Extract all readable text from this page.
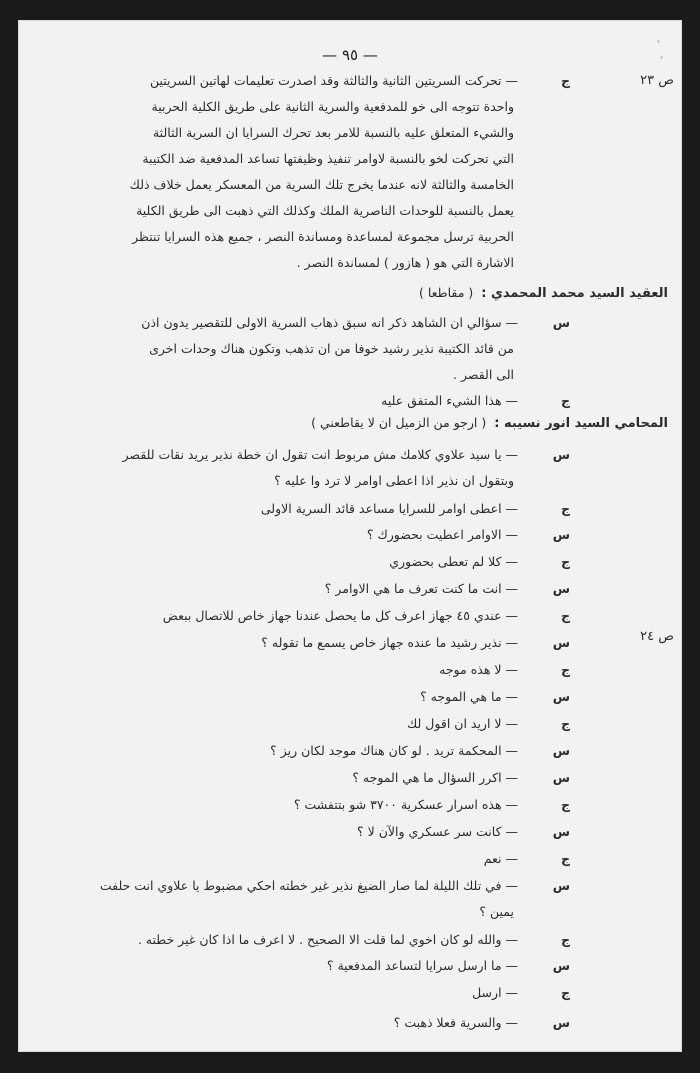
— ٩٥ —
ص ٢٣
ص ٢٤
ج — تحركت السريتين الثانية والثالثة وقد اصدرت تعليمات لهاتين السريتين
واحدة تتوجه الى خو للمدفعية والسرية الثانية على طريق الكلية الحربية
والشيء المتعلق عليه بالنسبة للامر بعد تحرك السرايا ان السرية الثالثة
التي تحركت لخو بالنسبة لاوامر تنفيذ وظيفتها تساعد المدفعية ضد الكتيبة
الخامسة والثالثة لانه عندما يخرج تلك السرية من المعسكر يعمل خلاف ذلك
يعمل بالنسبة للوحدات الناصرية الملك وكذلك التي ذهبت الى طريق الكلية
الحربية ترسل مجموعة لمساعدة ومساندة النصر ، جميع هذه السرايا تنتظر
الاشارة التي هو ( هازور ) لمساندة النصر .
العقيد السيد محمد المحمدي :  ( مقاطعا )
س — سؤالي ان الشاهد ذكر انه سبق ذهاب السرية الاولى للتقصير يدون اذن
من قائد الكتيبة نذير رشيد خوفا من ان تذهب وتكون هناك وحدات اخرى
الى القصر .
ج — هذا الشيء المتفق عليه
المحامي السيد انور نسيبه :  ( ارجو من الزميل ان لا يقاطعني )
س — يا سيد علاوي كلامك مش مربوط انت تقول ان خطة نذير يريد نقات للقصر
وبتقول ان نذير اذا اعطى اوامر لا ترد وا عليه ؟
ج — اعطى اوامر للسرايا مساعد قائد السرية الاولى
س — الاوامر اعطيت بحضورك ؟
ج — كلا لم تعطى بحضوري
س — انت ما كنت تعرف ما هي الاوامر ؟
ج — عندي ٤٥ جهاز اعرف كل ما يحصل عندنا جهاز خاص للاتصال ببعض
س — نذير رشيد ما عنده جهاز خاص يسمع ما تقوله ؟
ج — لا هذه موجه
س — ما هي الموجه ؟
ج — لا اريد ان اقول لك
س — المحكمة تريد . لو كان هناك موجد لكان ريز ؟
س — اكرر السؤال ما هي الموجه ؟
ج — هذه اسرار عسكرية ٣٧٠٠ شو بتتفشت ؟
س — كانت سر عسكري والآن لا ؟
ج — نعم
س — في تلك الليلة لما صار الضيغ نذير غير خطته احكي مضبوط يا علاوي انت حلفت
يمين ؟
ج — والله لو كان اخوي لما قلت الا الصحيح . لا اعرف ما اذا كان غير خطته .
س — ما ارسل سرايا لتساعد المدفعية ؟
ج — ارسل
س — والسرية فعلا ذهبت ؟
